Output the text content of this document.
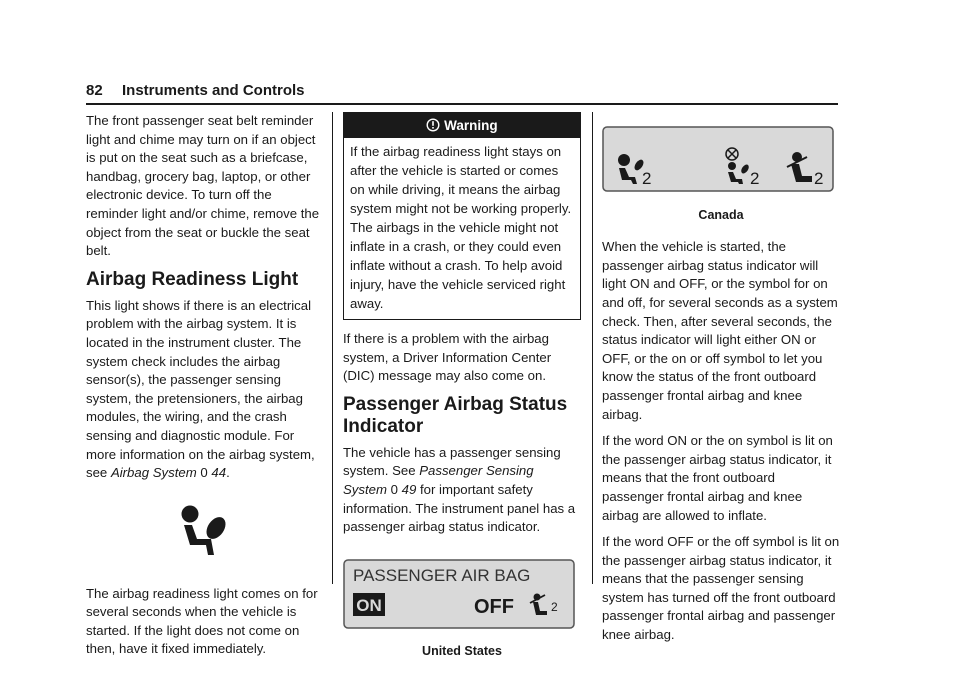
82 Instruments and Controls

The front passenger seat belt reminder light and chime may turn on if an object is put on the seat such as a briefcase, handbag, grocery bag, laptop, or other electronic device. To turn off the reminder light and/or chime, remove the object from the seat or buckle the seat belt.

Airbag Readiness Light

This light shows if there is an electrical problem with the airbag system. It is located in the instrument cluster. The system check includes the airbag sensor(s), the passenger sensing system, the pretensioners, the airbag modules, the wiring, and the crash sensing and diagnostic module. For more information on the airbag system, see Airbag System 0 44.

The airbag readiness light comes on for several seconds when the vehicle is started. If the light does not come on then, have it fixed immediately.

Warning
If the airbag readiness light stays on after the vehicle is started or comes on while driving, it means the airbag system might not be working properly. The airbags in the vehicle might not inflate in a crash, or they could even inflate without a crash. To help avoid injury, have the vehicle serviced right away.

If there is a problem with the airbag system, a Driver Information Center (DIC) message may also come on.

Passenger Airbag Status Indicator

The vehicle has a passenger sensing system. See Passenger Sensing System 0 49 for important safety information. The instrument panel has a passenger airbag status indicator.

PASSENGER AIR BAG
ON	OFF	2
United States
2	2	2
Canada

When the vehicle is started, the passenger airbag status indicator will light ON and OFF, or the symbol for on and off, for several seconds as a system check. Then, after several seconds, the status indicator will light either ON or OFF, or the on or off symbol to let you know the status of the front outboard passenger frontal airbag and knee airbag.

If the word ON or the on symbol is lit on the passenger airbag status indicator, it means that the front outboard passenger frontal airbag and knee airbag are allowed to inflate.

If the word OFF or the off symbol is lit on the passenger airbag status indicator, it means that the passenger sensing system has turned off the front outboard passenger frontal airbag and passenger knee airbag.
